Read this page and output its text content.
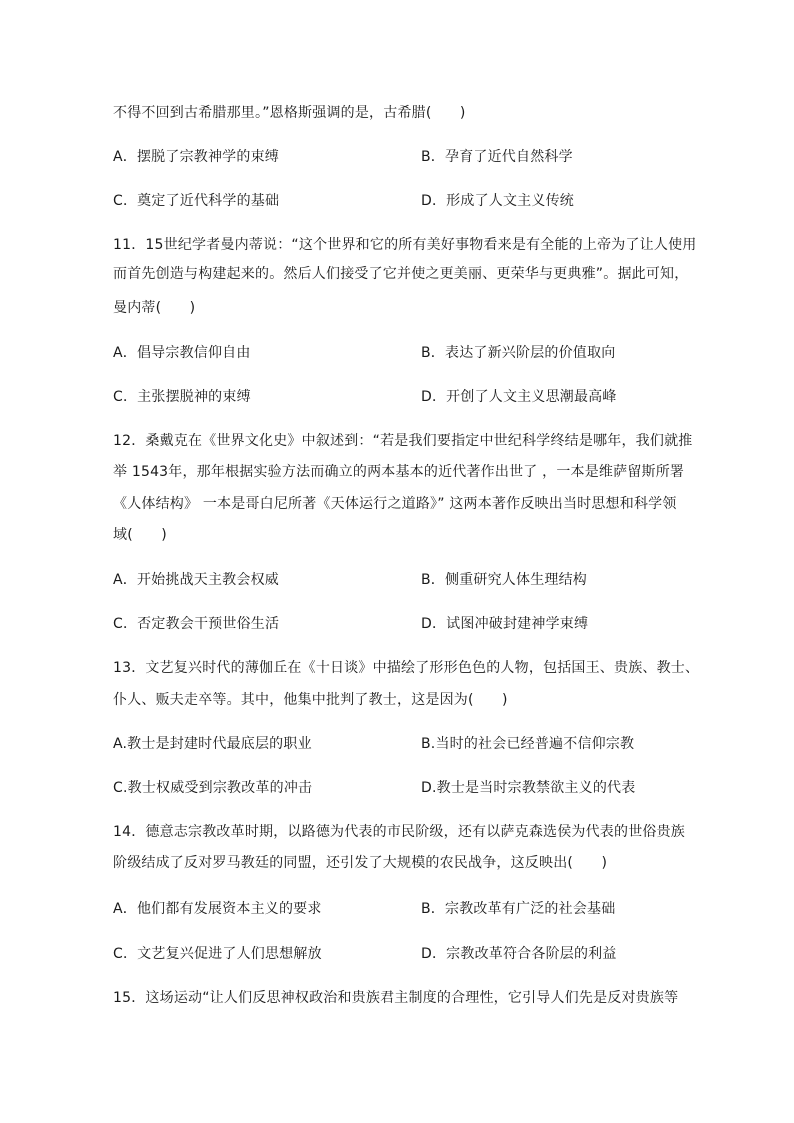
不得不回到古希腊那里。”恩格斯强调的是，古希腊(　　)
A．摆脱了宗教神学的束缚	B．孕育了近代自然科学
C．奠定了近代科学的基础	D．形成了人文主义传统
11．15世纪学者曼内蒂说：“这个世界和它的所有美好事物看来是有全能的上帝为了让人使用
而首先创造与构建起来的。然后人们接受了它并使之更美丽、更荣华与更典雅”。据此可知，
曼内蒂(　　)
A．倡导宗教信仰自由	B．表达了新兴阶层的价值取向
C．主张摆脱神的束缚	D．开创了人文主义思潮最高峰
12．桑戴克在《世界文化史》中叙述到：“若是我们要指定中世纪科学终结是哪年，我们就推
举 1543年，那年根据实验方法而确立的两本基本的近代著作出世了 ，一本是维萨留斯所署
《人体结构》 一本是哥白尼所著《天体运行之道路》” 这两本著作反映出当时思想和科学领
域(　　)
A．开始挑战天主教会权威	B．侧重研究人体生理结构
C．否定教会干预世俗生活	D．试图冲破封建神学束缚
13．文艺复兴时代的薄伽丘在《十日谈》中描绘了形形色色的人物，包括国王、贵族、教士、
仆人、贩夫走卒等。其中，他集中批判了教士，这是因为(　　)
A.教士是封建时代最底层的职业	B.当时的社会已经普遍不信仰宗教
C.教士权威受到宗教改革的冲击	D.教士是当时宗教禁欲主义的代表
14．德意志宗教改革时期，以路德为代表的市民阶级，还有以萨克森选侯为代表的世俗贵族
阶级结成了反对罗马教廷的同盟，还引发了大规模的农民战争，这反映出(　　)
A．他们都有发展资本主义的要求	B．宗教改革有广泛的社会基础
C．文艺复兴促进了人们思想解放	D．宗教改革符合各阶层的利益
15．这场运动“让人们反思神权政治和贵族君主制度的合理性，它引导人们先是反对贵族等
